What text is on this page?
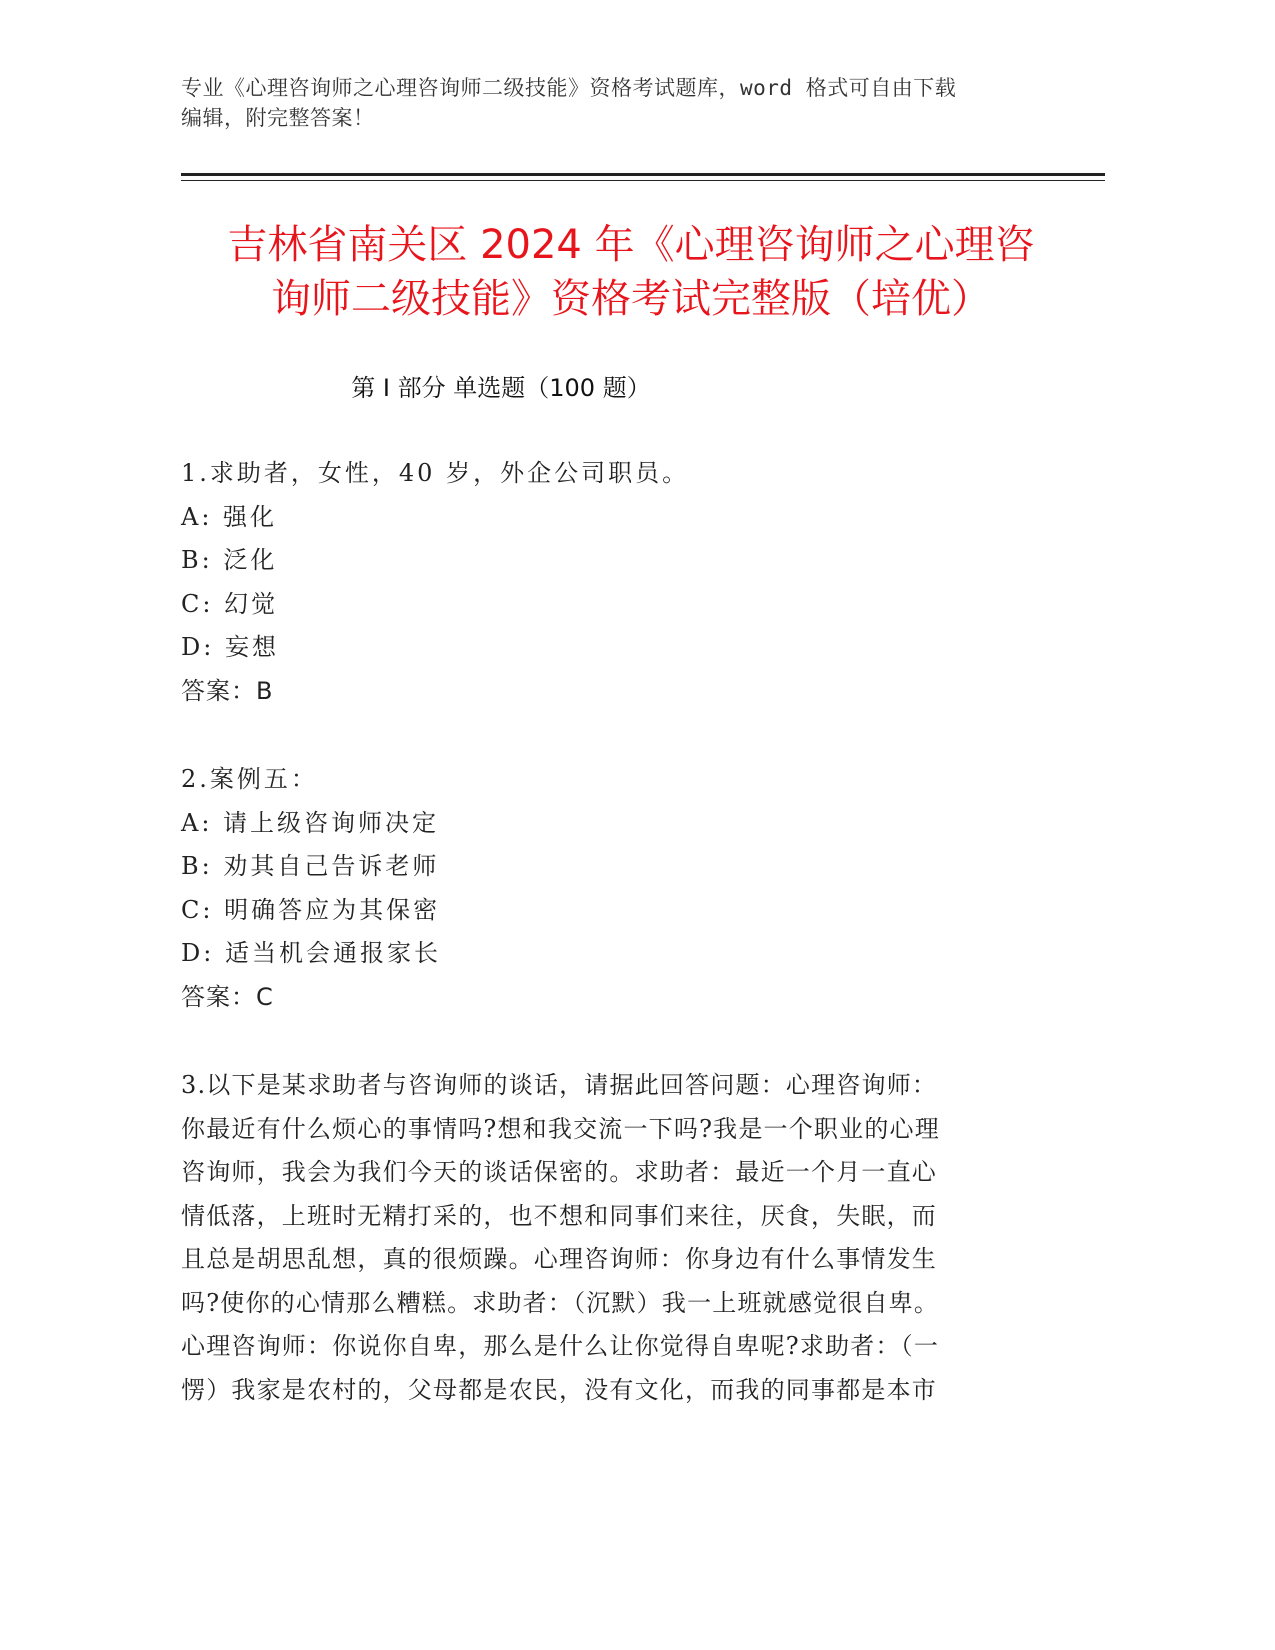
专业《心理咨询师之心理咨询师二级技能》资格考试题库，word 格式可自由下载
编辑，附完整答案！
吉林省南关区 2024 年《心理咨询师之心理咨
询师二级技能》资格考试完整版（培优）
第 I 部分 单选题（100 题）
1.求助者，女性，40 岁，外企公司职员。
A: 强化
B: 泛化
C: 幻觉
D: 妄想
答案：B
2.案例五：
A: 请上级咨询师决定
B: 劝其自己告诉老师
C: 明确答应为其保密
D: 适当机会通报家长
答案：C
3.以下是某求助者与咨询师的谈话，请据此回答问题：心理咨询师：
你最近有什么烦心的事情吗?想和我交流一下吗?我是一个职业的心理
咨询师，我会为我们今天的谈话保密的。求助者：最近一个月一直心
情低落，上班时无精打采的，也不想和同事们来往，厌食，失眠，而
且总是胡思乱想，真的很烦躁。心理咨询师：你身边有什么事情发生
吗?使你的心情那么糟糕。求助者：（沉默）我一上班就感觉很自卑。
心理咨询师：你说你自卑，那么是什么让你觉得自卑呢?求助者：（一
愣）我家是农村的，父母都是农民，没有文化，而我的同事都是本市
